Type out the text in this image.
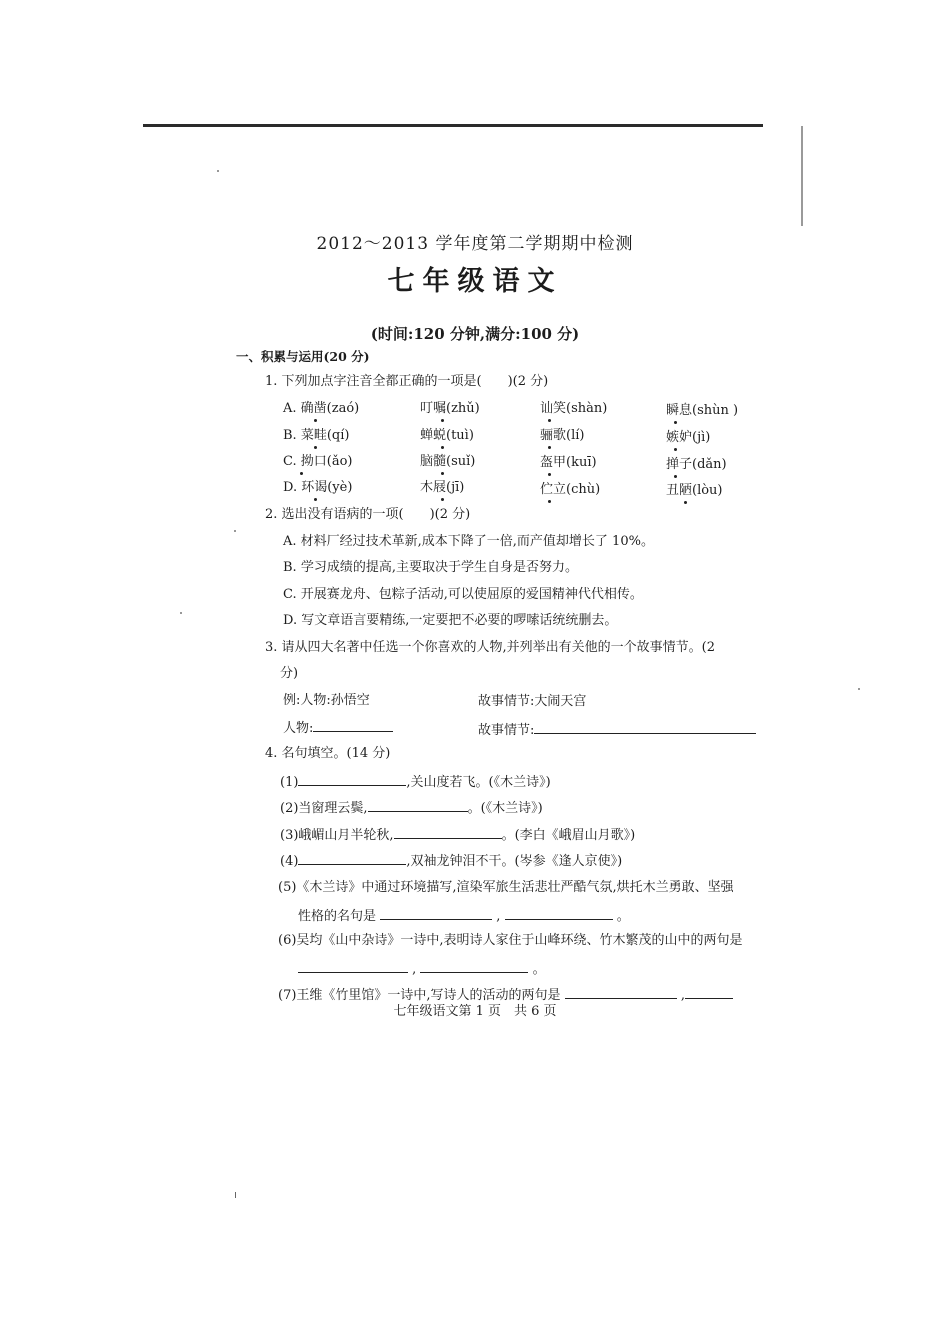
2012～2013 学年度第二学期期中检测
七年级语文
(时间:120 分钟,满分:100 分)
一、积累与运用(20 分)
1. 下列加点字注音全都正确的一项是(　　)(2 分)
A. 确凿(zaó)	叮嘱(zhǔ)	讪笑(shàn)	瞬息(shùn )
B. 菜畦(qí)	蝉蜕(tuì)	骊歌(lí)	嫉妒(jì)
C. 拗口(ǎo)	脑髓(suǐ)	盔甲(kuī)	掸子(dǎn)
D. 环谒(yè)	木屐(jī)	伫立(chù)	丑陋(lòu)
2. 选出没有语病的一项(　　)(2 分)
A. 材料厂经过技术革新,成本下降了一倍,而产值却增长了 10%。
B. 学习成绩的提高,主要取决于学生自身是否努力。
C. 开展赛龙舟、包粽子活动,可以使屈原的爱国精神代代相传。
D. 写文章语言要精练,一定要把不必要的啰嗦话统统删去。
3. 请从四大名著中任选一个你喜欢的人物,并列举出有关他的一个故事情节。(2
分)
例:人物:孙悟空	故事情节:大闹天宫
人物:	故事情节:
4. 名句填空。(14 分)
(1)	,关山度若飞。(《木兰诗》)
(2)当窗理云鬓,	。(《木兰诗》)
(3)峨嵋山月半轮秋,	。(李白《峨眉山月歌》)
(4)	,双袖龙钟泪不干。(岑参《逢人京使》)
(5)《木兰诗》中通过环境描写,渲染军旅生活悲壮严酷气氛,烘托木兰勇敢、坚强
性格的名句是	,	。
(6)吴均《山中杂诗》一诗中,表明诗人家住于山峰环绕、竹木繁茂的山中的两句是
,	。
(7)王维《竹里馆》一诗中,写诗人的活动的两句是	,
七年级语文第 1 页　共 6 页
